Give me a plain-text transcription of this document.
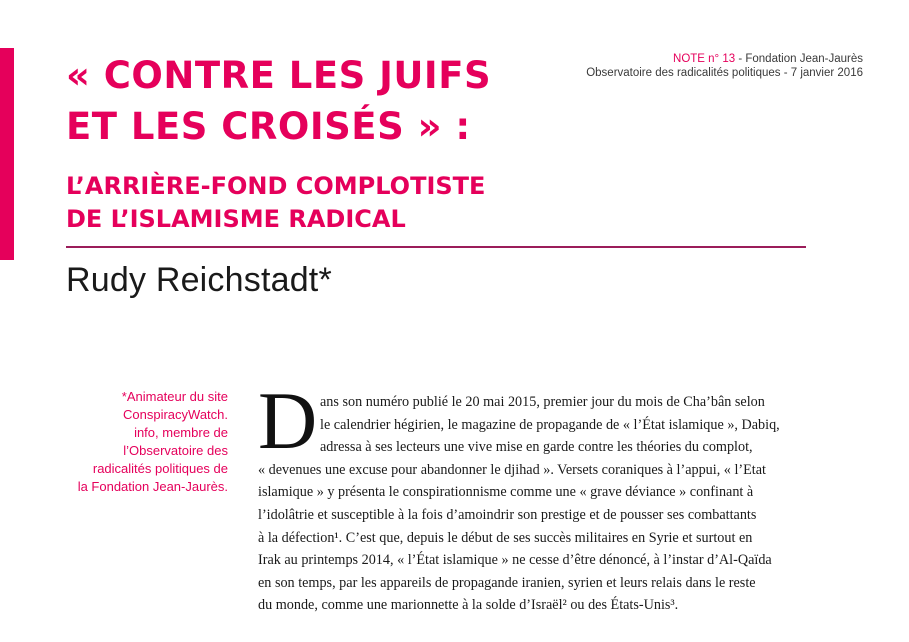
NOTE n° 13 - Fondation Jean-Jaurès
Observatoire des radicalités politiques - 7 janvier 2016
« CONTRE LES JUIFS
ET LES CROISÉS » :
L’ARRIÈRE-FOND COMPLOTISTE
DE L’ISLAMISME RADICAL
Rudy Reichstadt*
*Animateur du site
ConspiracyWatch.
info, membre de
l’Observatoire des
radicalités politiques de
la Fondation Jean-Jaurès.
D ans son numéro publié le 20 mai 2015, premier jour du mois de Cha’bân selon
le calendrier hégirien, le magazine de propagande de « l’État islamique », Dabiq,
adressa à ses lecteurs une vive mise en garde contre les théories du complot,
« devenues une excuse pour abandonner le djihad ». Versets coraniques à l’appui, « l’Etat
islamique » y présenta le conspirationnisme comme une « grave déviance » confinant à
l’idolâtrie et susceptible à la fois d’amoindrir son prestige et de pousser ses combattants
à la défection¹. C’est que, depuis le début de ses succès militaires en Syrie et surtout en
Irak au printemps 2014, « l’État islamique » ne cesse d’être dénoncé, à l’instar d’Al-Qaïda
en son temps, par les appareils de propagande iranien, syrien et leurs relais dans le reste
du monde, comme une marionnette à la solde d’Israël² ou des États-Unis³.
